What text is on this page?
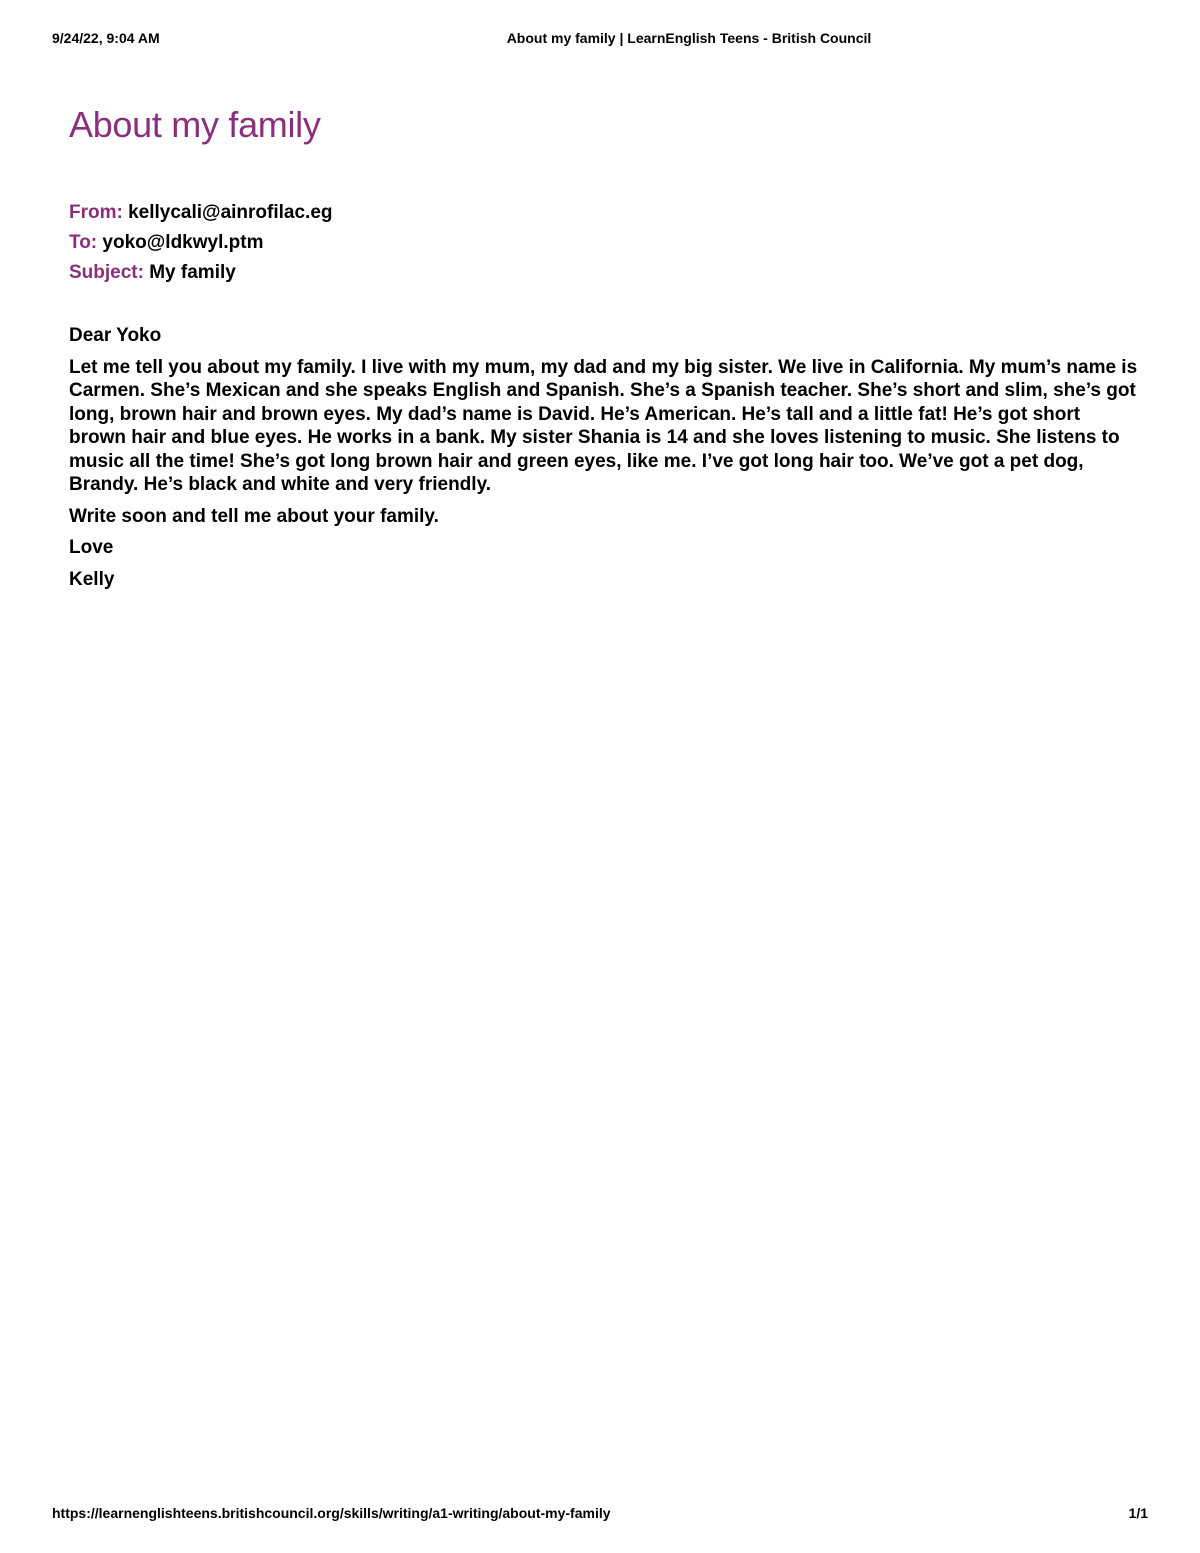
9/24/22, 9:04 AM	About my family | LearnEnglish Teens - British Council
About my family
From: kellycali@ainrofilac.eg
To: yoko@ldkwyl.ptm
Subject: My family

Dear Yoko

Let me tell you about my family. I live with my mum, my dad and my big sister. We live in California. My mum’s name is Carmen. She’s Mexican and she speaks English and Spanish. She’s a Spanish teacher. She’s short and slim, she’s got long, brown hair and brown eyes. My dad’s name is David. He’s American. He’s tall and a little fat! He’s got short brown hair and blue eyes. He works in a bank. My sister Shania is 14 and she loves listening to music. She listens to music all the time! She’s got long brown hair and green eyes, like me. I’ve got long hair too. We’ve got a pet dog, Brandy. He’s black and white and very friendly.

Write soon and tell me about your family.

Love

Kelly

https://learnenglishteens.britishcouncil.org/skills/writing/a1-writing/about-my-family	1/1
